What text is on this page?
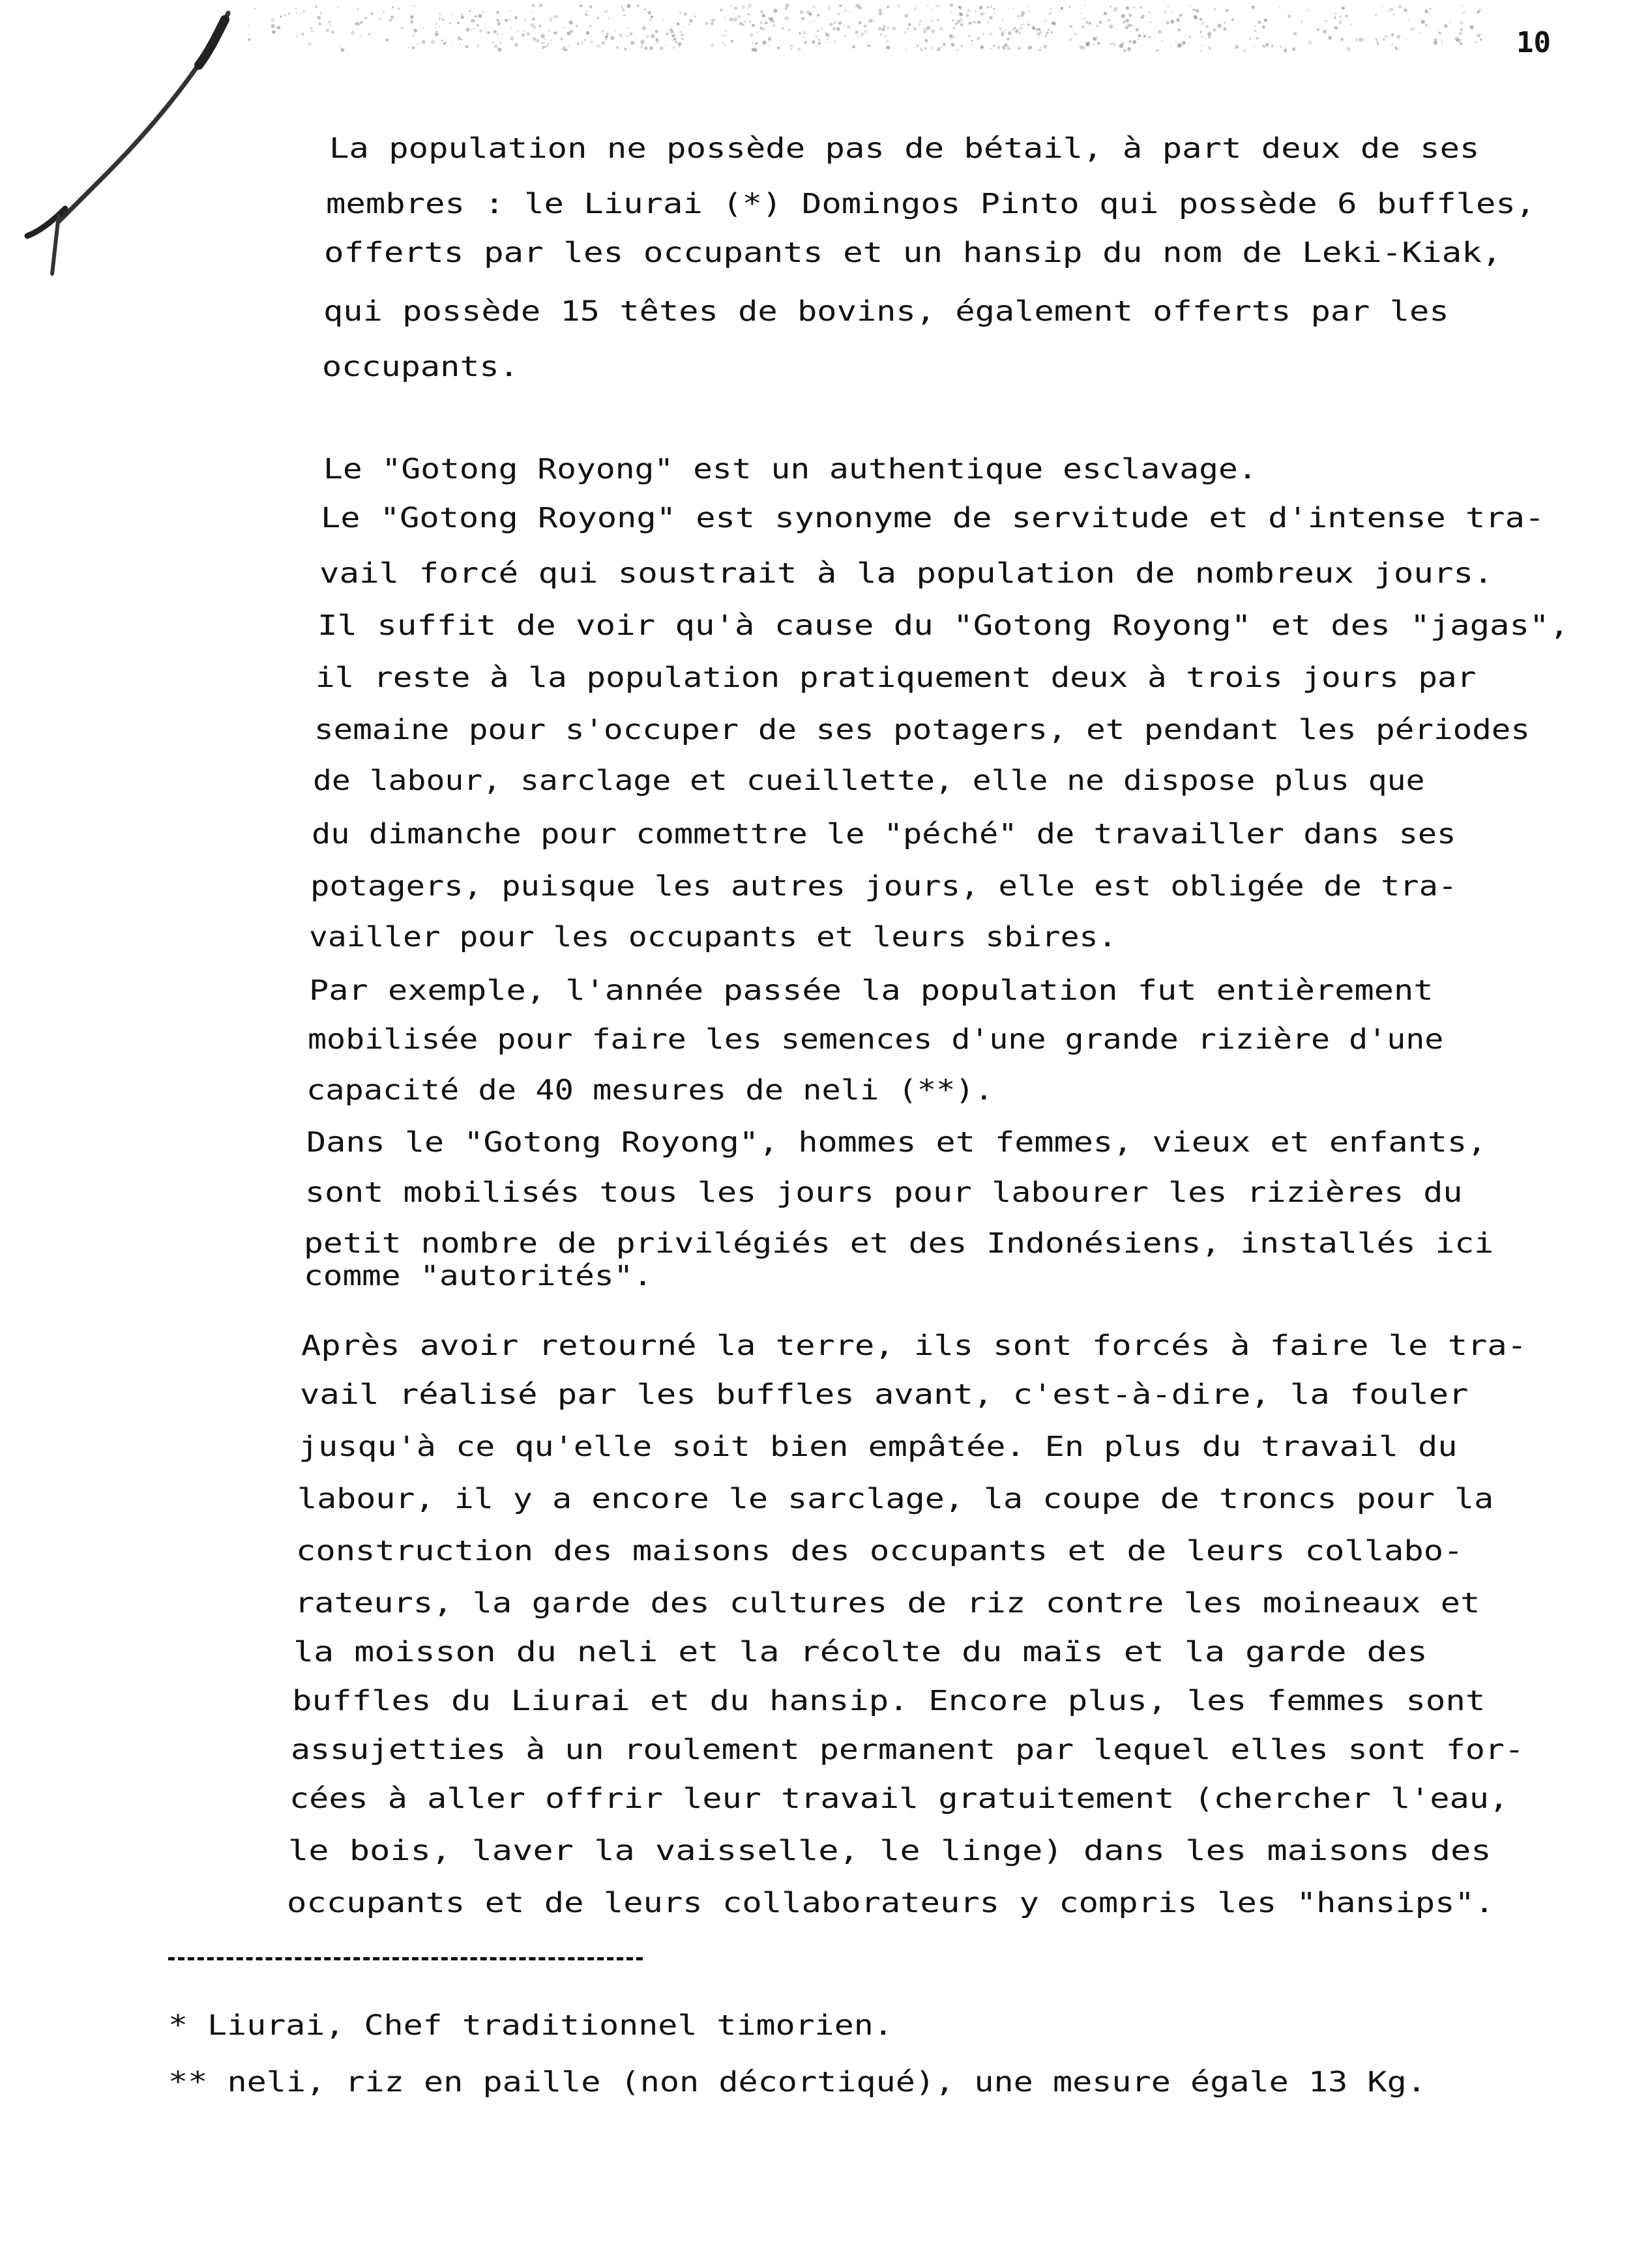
10
La population ne possède pas de bétail, à part deux de ses
membres : le Liurai (*) Domingos Pinto qui possède 6 buffles,
offerts par les occupants et un hansip du nom de Leki-Kiak,
qui possède 15 têtes de bovins, également offerts par les
occupants.
Le "Gotong Royong" est un authentique esclavage.
Le "Gotong Royong" est synonyme de servitude et d'intense tra-
vail forcé qui soustrait à la population de nombreux jours.
Il suffit de voir qu'à cause du "Gotong Royong" et des "jagas",
il reste à la population pratiquement deux à trois jours par
semaine pour s'occuper de ses potagers, et pendant les périodes
de labour, sarclage et cueillette, elle ne dispose plus que
du dimanche pour commettre le "péché" de travailler dans ses
potagers, puisque les autres jours, elle est obligée de tra-
vailler pour les occupants et leurs sbires.
Par exemple, l'année passée la population fut entièrement
mobilisée pour faire les semences d'une grande rizière d'une
capacité de 40 mesures de neli (**).
Dans le "Gotong Royong", hommes et femmes, vieux et enfants,
sont mobilisés tous les jours pour labourer les rizières du
petit nombre de privilégiés et des Indonésiens, installés ici
comme "autorités".
Après avoir retourné la terre, ils sont forcés à faire le tra-
vail réalisé par les buffles avant, c'est-à-dire, la fouler
jusqu'à ce qu'elle soit bien empâtée. En plus du travail du
labour, il y a encore le sarclage, la coupe de troncs pour la
construction des maisons des occupants et de leurs collabo-
rateurs, la garde des cultures de riz contre les moineaux et
la moisson du neli et la récolte du maïs et la garde des
buffles du Liurai et du hansip. Encore plus, les femmes sont
assujetties à un roulement permanent par lequel elles sont for-
cées à aller offrir leur travail gratuitement (chercher l'eau,
le bois, laver la vaisselle, le linge) dans les maisons des
occupants et de leurs collaborateurs y compris les "hansips".
* Liurai, Chef traditionnel timorien.
** neli, riz en paille (non décortiqué), une mesure égale 13 Kg.
